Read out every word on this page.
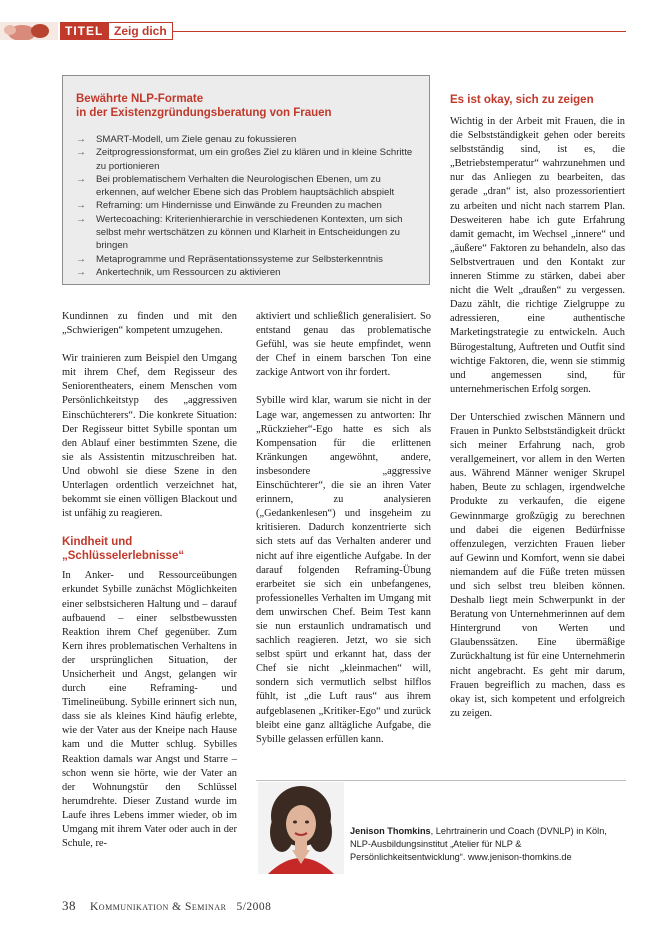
TITEL Zeig dich
Bewährte NLP-Formate
in der Existenzgründungsberatung von Frauen
→ SMART-Modell, um Ziele genau zu fokussieren
→ Zeitprogressionsformat, um ein großes Ziel zu klären und in kleine Schritte zu portionieren
→ Bei problematischem Verhalten die Neurologischen Ebenen, um zu erkennen, auf welcher Ebene sich das Problem hauptsächlich abspielt
→ Reframing: um Hindernisse und Einwände zu Freunden zu machen
→ Wertecoaching: Kriterienhierarchie in verschiedenen Kontexten, um sich selbst mehr wertschätzen zu können und Klarheit in Entscheidungen zu bringen
→ Metaprogramme und Repräsentationssysteme zur Selbsterkenntnis
→ Ankertechnik, um Ressourcen zu aktivieren

Kundinnen zu finden und mit den „Schwierigen“ kompetent umzugehen.

Wir trainieren zum Beispiel den Umgang mit ihrem Chef, dem Regisseur des Seniorentheaters, einem Menschen vom Persönlichkeitstyp des „aggressiven Einschüchterers“. Die konkrete Situation: Der Regisseur bittet Sybille spontan um den Ablauf einer bestimmten Szene, die sie als Assistentin mitzuschreiben hat. Und obwohl sie diese Szene in den Unterlagen ordentlich verzeichnet hat, bekommt sie einen völligen Blackout und ist unfähig zu reagieren.

Kindheit und
„Schlüsselerlebnisse“

In Anker- und Ressourceübungen erkundet Sybille zunächst Möglichkeiten einer selbstsicheren Haltung und – darauf aufbauend – einer selbstbewussten Reaktion ihrem Chef gegenüber. Zum Kern ihres problematischen Verhaltens in der ursprünglichen Situation, der Unsicherheit und Angst, gelangen wir durch eine Reframing- und Timelineübung. Sybille erinnert sich nun, dass sie als kleines Kind häufig erlebte, wie der Vater aus der Kneipe nach Hause kam und die Mutter schlug. Sybilles Reaktion damals war Angst und Starre – schon wenn sie hörte, wie der Vater an der Wohnungstür den Schlüssel herumdrehte. Dieser Zustand wurde im Laufe ihres Lebens immer wieder, ob im Umgang mit ihrem Vater oder auch in der Schule, re-

aktiviert und schließlich generalisiert. So entstand genau das problematische Gefühl, was sie heute empfindet, wenn der Chef in einem barschen Ton eine zackige Antwort von ihr fordert.

Sybille wird klar, warum sie nicht in der Lage war, angemessen zu antworten: Ihr „Rückzieher“-Ego hatte es sich als Kompensation für die erlittenen Kränkungen angewöhnt, andere, insbesondere „aggressive Einschüchterer“, die sie an ihren Vater erinnern, zu analysieren („Gedankenlesen“) und insgeheim zu kritisieren. Dadurch konzentrierte sich sich stets auf das Verhalten anderer und nicht auf ihre eigentliche Aufgabe. In der darauf folgenden Reframing-Übung erarbeitet sie sich ein unbefangenes, professionelles Verhalten im Umgang mit dem unwirschen Chef. Beim Test kann sie nun erstaunlich undramatisch und sachlich reagieren. Jetzt, wo sie sich selbst spürt und erkannt hat, dass der Chef sie nicht „kleinmachen“ will, sondern sich vermutlich selbst hilflos fühlt, ist „die Luft raus“ aus ihrem aufgeblasenen „Kritiker-Ego“ und zurück bleibt eine ganz alltägliche Aufgabe, die Sybille gelassen erfüllen kann.

Es ist okay, sich zu zeigen

Wichtig in der Arbeit mit Frauen, die in die Selbstständigkeit gehen oder bereits selbstständig sind, ist es, die „Betriebstemperatur“ wahrzunehmen und nur das Anliegen zu bearbeiten, das gerade „dran“ ist, also prozessorientiert zu arbeiten und nicht nach starrem Plan. Desweiteren habe ich gute Erfahrung damit gemacht, im Wechsel „innere“ und „äußere“ Faktoren zu behandeln, also das Selbstvertrauen und den Kontakt zur inneren Stimme zu stärken, dabei aber nicht die Welt „draußen“ zu vergessen. Dazu zählt, die richtige Zielgruppe zu adressieren, eine authentische Marketingstrategie zu entwickeln. Auch Bürogestaltung, Auftreten und Outfit sind wichtige Faktoren, die, wenn sie stimmig und angemessen sind, für unternehmerischen Erfolg sorgen.

Der Unterschied zwischen Männern und Frauen in Punkto Selbstständigkeit drückt sich meiner Erfahrung nach, grob verallgemeinert, vor allem in den Werten aus. Während Männer weniger Skrupel haben, Beute zu schlagen, irgendwelche Produkte zu verkaufen, die eigene Gewinnmarge großzügig zu berechnen und dabei die eigenen Bedürfnisse offenzulegen, verzichten Frauen lieber auf Gewinn und Komfort, wenn sie dabei niemandem auf die Füße treten müssen und sich selbst treu bleiben können. Deshalb liegt mein Schwerpunkt in der Beratung von Unternehmerinnen auf dem Hintergrund von Werten und Glaubenssätzen. Eine übermäßige Zurückhaltung ist für eine Unternehmerin nicht angebracht. Es geht mir darum, Frauen begreiflich zu machen, dass es okay ist, sich kompetent und erfolgreich zu zeigen.

Jenison Thomkins, Lehrtrainerin und Coach (DVNLP) in Köln, NLP-Ausbildungsinstitut „Atelier für NLP & Persönlichkeitsentwicklung“. www.jenison-thomkins.de
38 Kommunikation & Seminar 5/2008
